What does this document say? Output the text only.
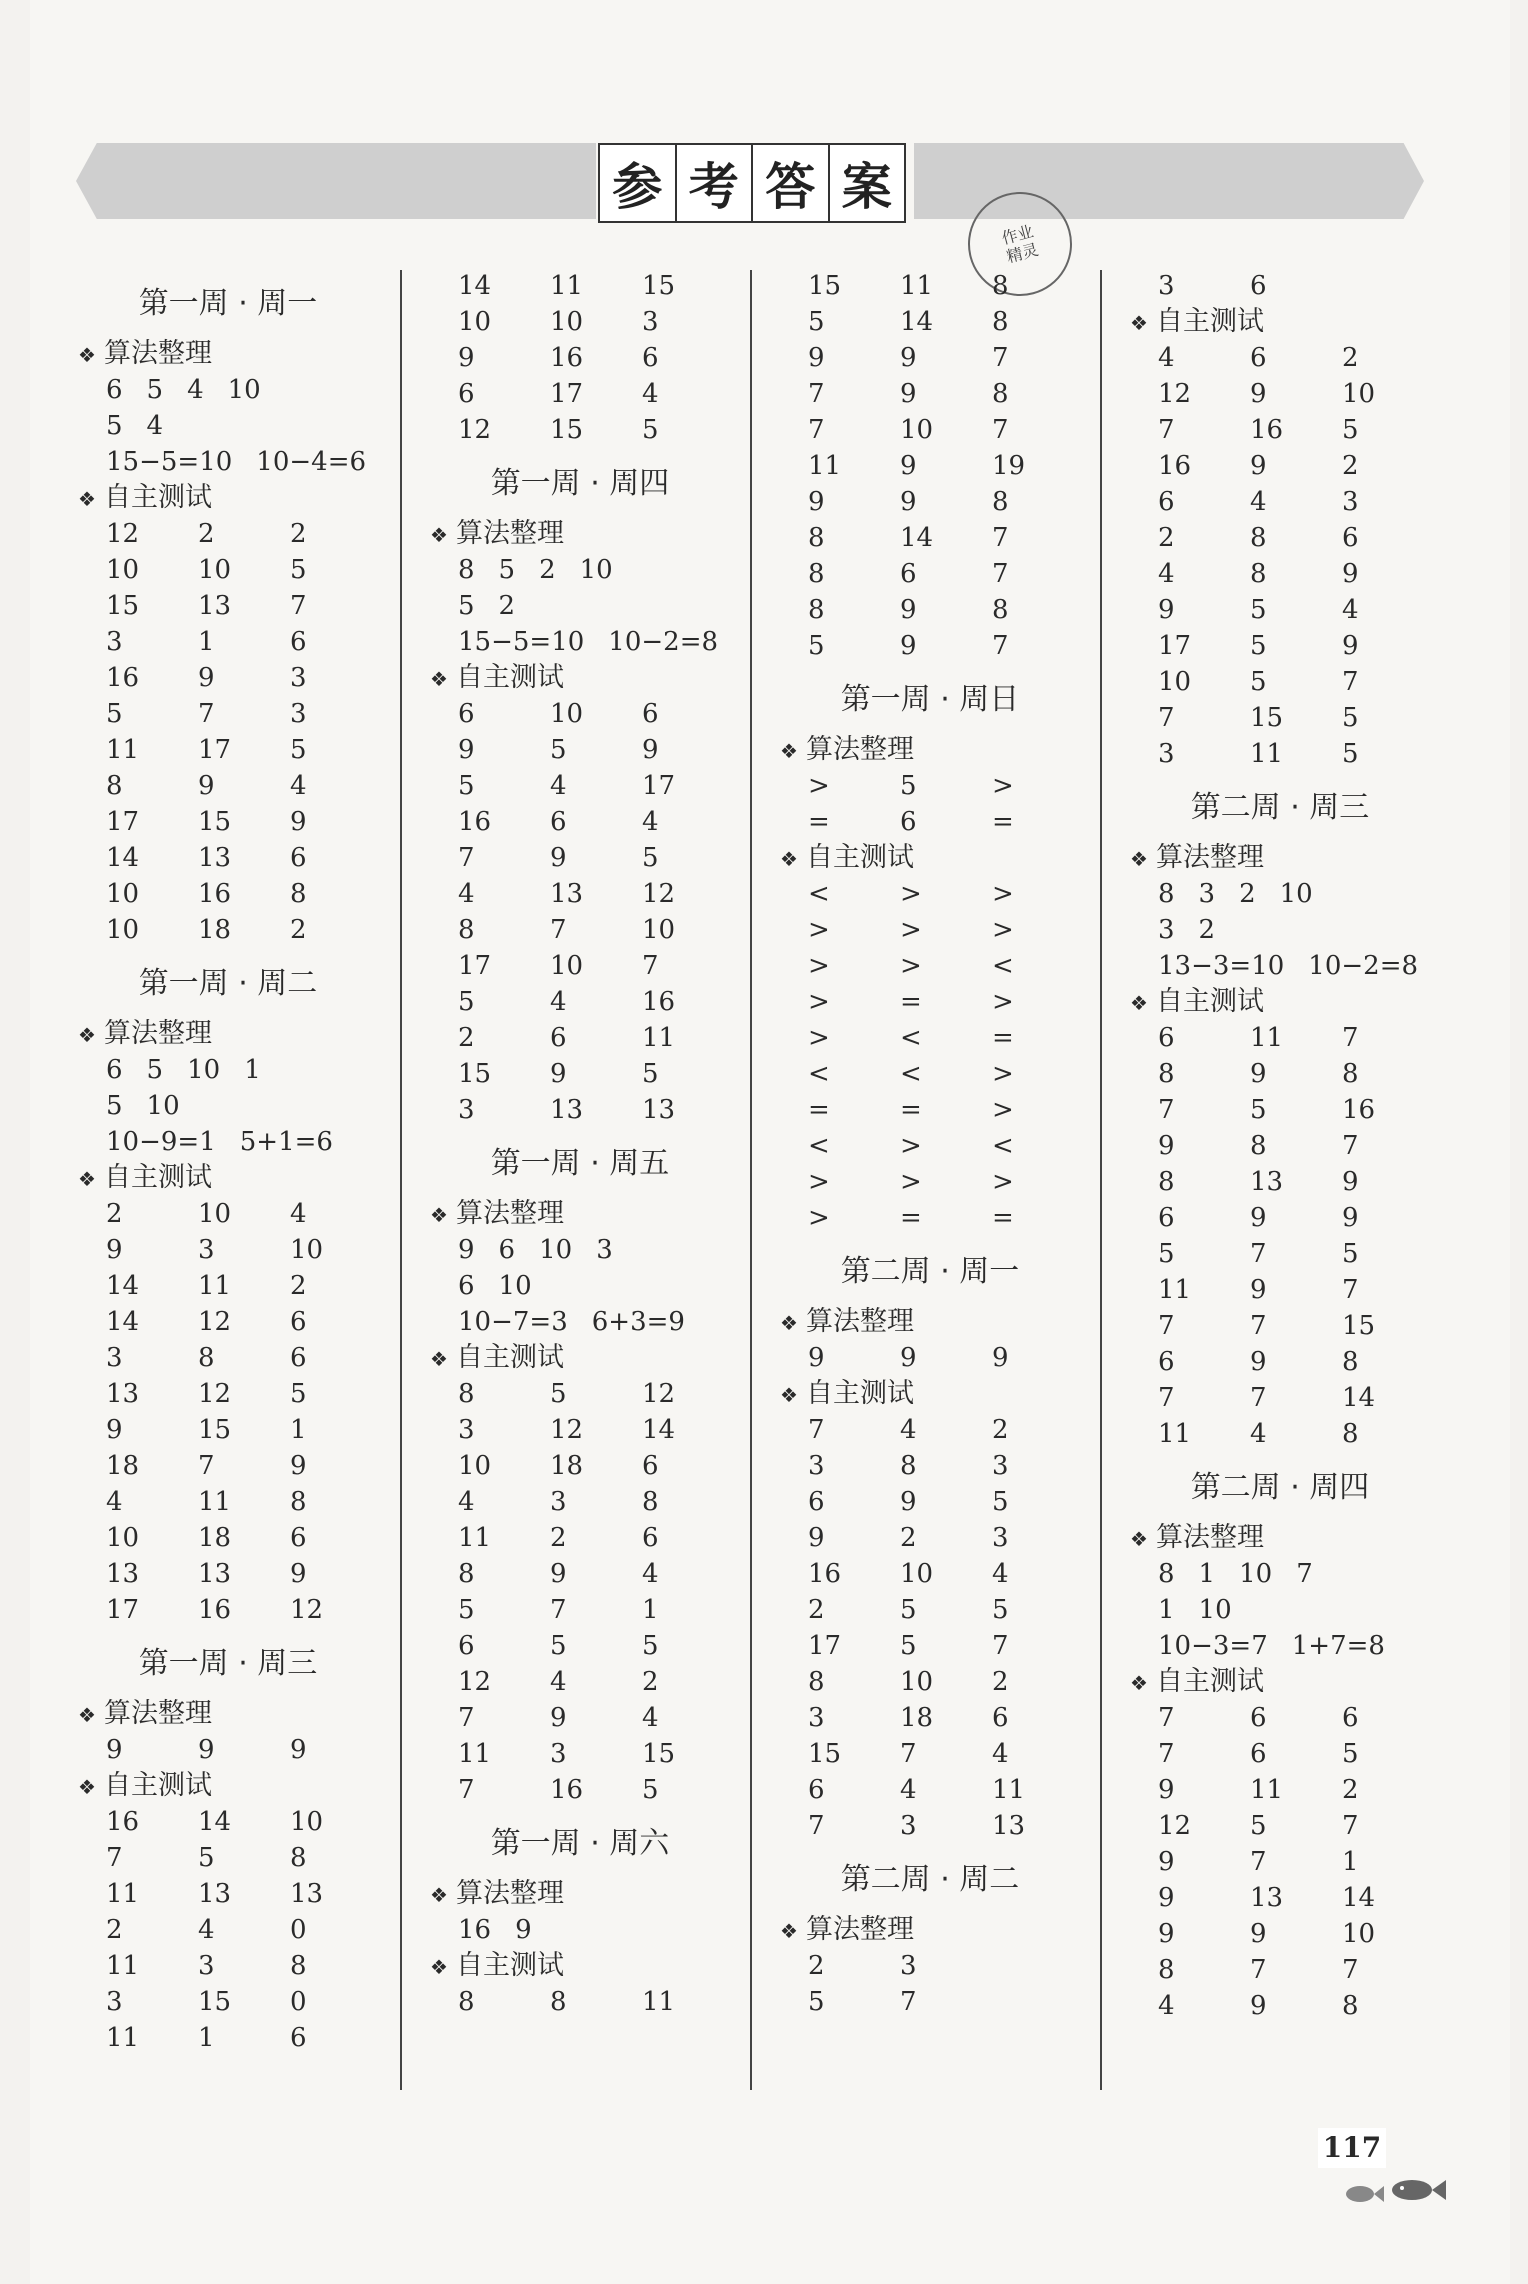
参 考 答 案
作业
精灵
第一周 · 周一
❖ 算法整理
6 5 4 10
5 4
15−5=10 10−4=6
❖ 自主测试
12	2	2
10	10	5
15	13	7
3	1	6
16	9	3
5	7	3
11	17	5
8	9	4
17	15	9
14	13	6
10	16	8
10	18	2
第一周 · 周二
❖ 算法整理
6 5 10 1
5 10
10−9=1 5+1=6
❖ 自主测试
2	10	4
9	3	10
14	11	2
14	12	6
3	8	6
13	12	5
9	15	1
18	7	9
4	11	8
10	18	6
13	13	9
17	16	12
第一周 · 周三
❖ 算法整理
9	9	9
❖ 自主测试
16	14	10
7	5	8
11	13	13
2	4	0
11	3	8
3	15	0
11	1	6
14	11	15
10	10	3
9	16	6
6	17	4
12	15	5
第一周 · 周四
❖ 算法整理
8 5 2 10
5 2
15−5=10 10−2=8
❖ 自主测试
6	10	6
9	5	9
5	4	17
16	6	4
7	9	5
4	13	12
8	7	10
17	10	7
5	4	16
2	6	11
15	9	5
3	13	13
第一周 · 周五
❖ 算法整理
9 6 10 3
6 10
10−7=3 6+3=9
❖ 自主测试
8	5	12
3	12	14
10	18	6
4	3	8
11	2	6
8	9	4
5	7	1
6	5	5
12	4	2
7	9	4
11	3	15
7	16	5
第一周 · 周六
❖ 算法整理
16 9
❖ 自主测试
8	8	11
15	11	8
5	14	8
9	9	7
7	9	8
7	10	7
11	9	19
9	9	8
8	14	7
8	6	7
8	9	8
5	9	7
第一周 · 周日
❖ 算法整理
>	5	>
=	6	=
❖ 自主测试
<	>	>
>	>	>
>	>	<
>	=	>
>	<	=
<	<	>
=	=	>
<	>	<
>	>	>
>	=	=
第二周 · 周一
❖ 算法整理
9	9	9
❖ 自主测试
7	4	2
3	8	3
6	9	5
9	2	3
16	10	4
2	5	5
17	5	7
8	10	2
3	18	6
15	7	4
6	4	11
7	3	13
第二周 · 周二
❖ 算法整理
2	3
5	7
3	6
❖ 自主测试
4	6	2
12	9	10
7	16	5
16	9	2
6	4	3
2	8	6
4	8	9
9	5	4
17	5	9
10	5	7
7	15	5
3	11	5
第二周 · 周三
❖ 算法整理
8 3 2 10
3 2
13−3=10 10−2=8
❖ 自主测试
6	11	7
8	9	8
7	5	16
9	8	7
8	13	9
6	9	9
5	7	5
11	9	7
7	7	15
6	9	8
7	7	14
11	4	8
第二周 · 周四
❖ 算法整理
8 1 10 7
1 10
10−3=7 1+7=8
❖ 自主测试
7	6	6
7	6	5
9	11	2
12	5	7
9	7	1
9	13	14
9	9	10
8	7	7
4	9	8
117
